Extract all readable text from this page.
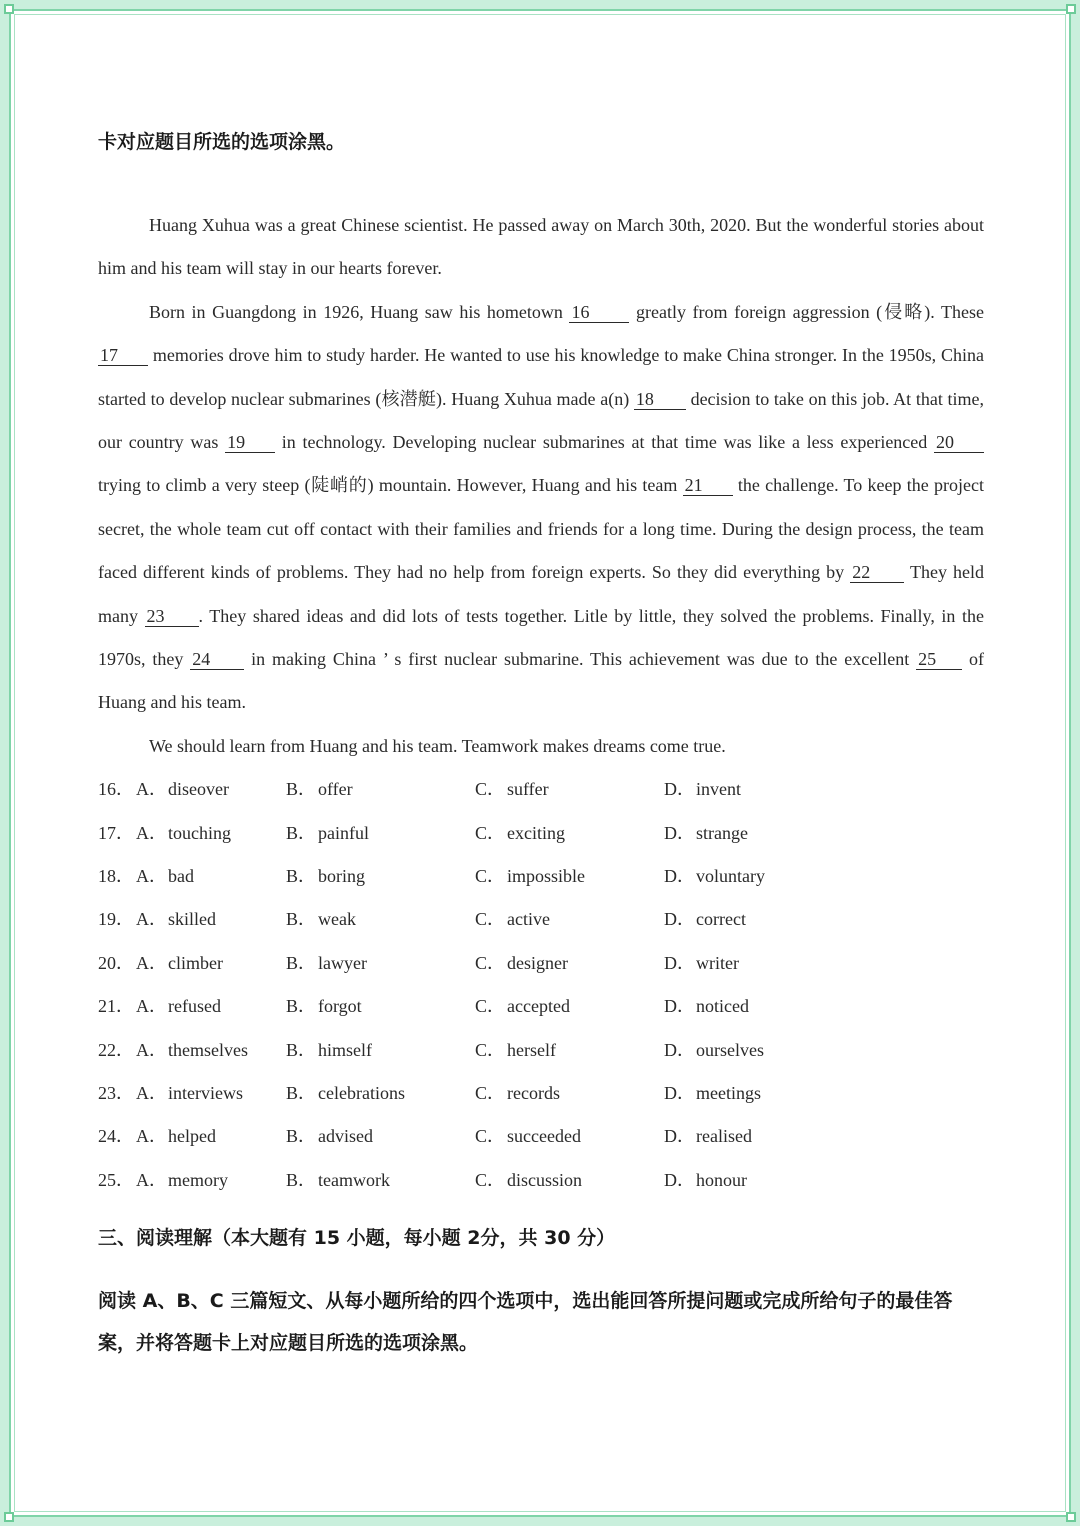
卡对应题目所选的选项涂黑。

Huang Xuhua was a great Chinese scientist. He passed away on March 30th, 2020. But the wonderful stories about him and his team will stay in our hearts forever.

Born in Guangdong in 1926, Huang saw his hometown 16 greatly from foreign aggression (侵略). These 17 memories drove him to study harder. He wanted to use his knowledge to make China stronger. In the 1950s, China started to develop nuclear submarines (核潜艇). Huang Xuhua made a(n) 18 decision to take on this job. At that time, our country was 19 in technology. Developing nuclear submarines at that time was like a less experienced 20 trying to climb a very steep (陡峭的) mountain. However, Huang and his team 21 the challenge. To keep the project secret, the whole team cut off contact with their families and friends for a long time. During the design process, the team faced different kinds of problems. They had no help from foreign experts. So they did everything by 22 They held many 23 . They shared ideas and did lots of tests together. Litle by little, they solved the problems. Finally, in the 1970s, they 24 in making China ’ s first nuclear submarine. This achievement was due to the excellent 25 of Huang and his team.

We should learn from Huang and his team. Teamwork makes dreams come true.

16． A．diseover	B． offer	C． suffer	D．invent
17． A．touching	B． painful	C． exciting	D．strange
18． A．bad	B． boring	C． impossible	D．voluntary
19． A．skilled	B． weak	C． active	D．correct
20． A．climber	B． lawyer	C． designer	D．writer
21． A．refused	B． forgot	C． accepted	D．noticed
22． A．themselves B． himself	C． herself	D．ourselves
23． A．interviews B． celebrations	C． records	D．meetings
24． A．helped	B． advised	C． succeeded	D．realised
25． A．memory	B． teamwork	C． discussion	D．honour

三、阅读理解（本大题有 15 小题，每小题 2分，共 30 分）

阅读 A、B、C 三篇短文、从每小题所给的四个选项中，选出能回答所提问题或完成所给句子的最佳答案，并将答题卡上对应题目所选的选项涂黑。
